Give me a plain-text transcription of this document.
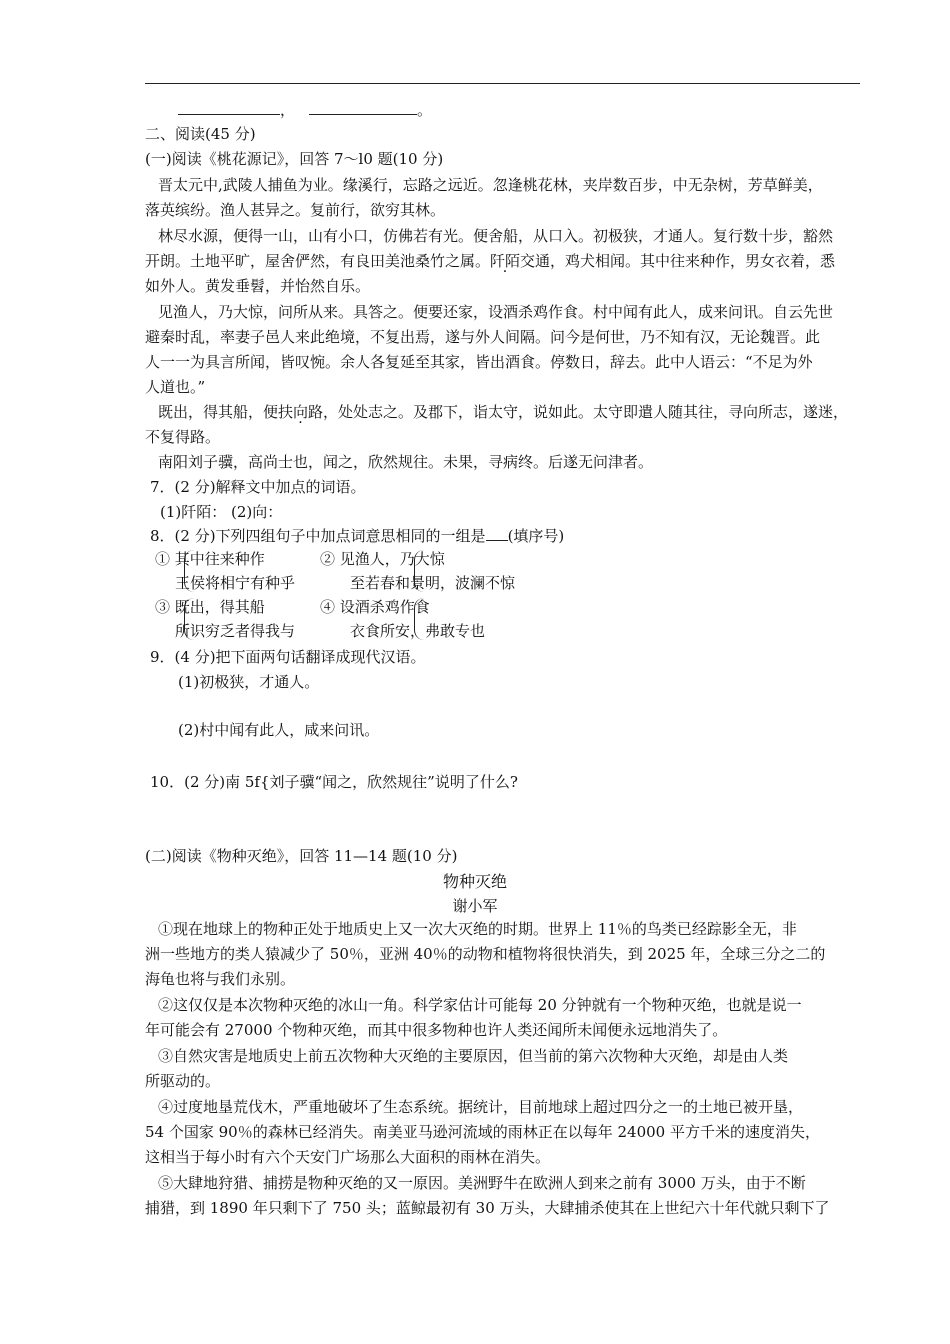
，	。
二、阅读(45 分)
(一)阅读《桃花源记》，回答 7～l0 题(10 分)
晋太元中,武陵人捕鱼为业。缘溪行，忘路之远近。忽逢桃花林，夹岸数百步，中无杂树，芳草鲜美，
落英缤纷。渔人甚异之。复前行，欲穷其林。
林尽水源，便得一山，山有小口，仿佛若有光。便舍船，从口入。初极狭，才通人。复行数十步，豁然
开朗。土地平旷，屋舍俨然，有良田美池桑竹之属。阡陌交通，鸡犬相闻。其中往来种作，男女衣着，悉
如外人。黄发垂髫，并怡然自乐。
见渔人，乃大惊，问所从来。具答之。便要还家，设酒杀鸡作食。村中闻有此人，成来问讯。自云先世
避秦时乱，率妻子邑人来此绝境，不复出焉，遂与外人间隔。问今是何世，乃不知有汉，无论魏晋。此
人一一为具言所闻，皆叹惋。余人各复延至其家，皆出酒食。停数日，辞去。此中人语云：“不足为外
人道也。”
既出，得其船，便扶向路，处处志之。及郡下，诣太守，说如此。太守即遣人随其往，寻向所志，遂迷，
不复得路。
南阳刘子骥，高尚士也，闻之，欣然规往。未果，寻病终。后遂无问津者。
7．(2 分)解释文中加点的词语。
(1)阡陌： (2)向：
8．(2 分)下列四组句子中加点词意思相同的一组是 (填序号)
① 其中往来种作
王侯将相宁有种乎
② 见渔人，乃大惊
至若春和景明，波澜不惊
③ 既出，得其船
所识穷乏者得我与
④ 设酒杀鸡作食
衣食所安，弗敢专也
9．(4 分)把下面两句话翻译成现代汉语。
(1)初极狭，才通人。
(2)村中闻有此人，咸来问讯。
10．(2 分)南 5f{刘子骥“闻之，欣然规往”说明了什么?
(二)阅读《物种灭绝》，回答 11—14 题(10 分)
物种灭绝
谢小军
①现在地球上的物种正处于地质史上又一次大灭绝的时期。世界上 11％的鸟类已经踪影全无，非
洲一些地方的类人猿减少了 50％，亚洲 40％的动物和植物将很快消失，到 2025 年，全球三分之二的
海龟也将与我们永别。
②这仅仅是本次物种灭绝的冰山一角。科学家估计可能每 20 分钟就有一个物种灭绝，也就是说一
年可能会有 27000 个物种灭绝，而其中很多物种也许人类还闻所未闻便永远地消失了。
③自然灾害是地质史上前五次物种大灭绝的主要原因，但当前的第六次物种大灭绝，却是由人类
所驱动的。
④过度地垦荒伐木，严重地破坏了生态系统。据统计，目前地球上超过四分之一的土地已被开垦，
54 个国家 90％的森林已经消失。南美亚马逊河流域的雨林正在以每年 24000 平方千米的速度消失，
这相当于每小时有六个天安门广场那么大面积的雨林在消失。
⑤大肆地狩猎、捕捞是物种灭绝的又一原因。美洲野牛在欧洲人到来之前有 3000 万头，由于不断
捕猎，到 1890 年只剩下了 750 头；蓝鲸最初有 30 万头，大肆捕杀使其在上世纪六十年代就只剩下了
